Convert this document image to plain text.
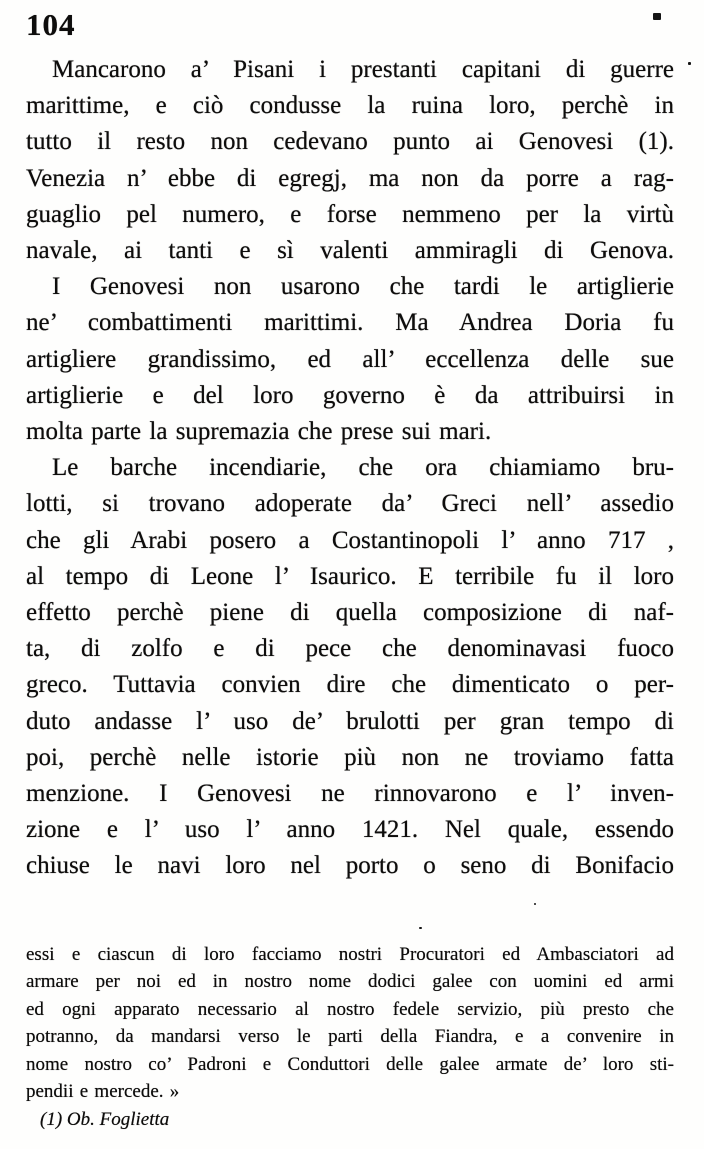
104
Mancarono a’ Pisani i prestanti capitani di guerre
marittime, e ciò condusse la ruina loro, perchè in
tutto il resto non cedevano punto ai Genovesi (1).
Venezia n’ ebbe di egregj, ma non da porre a rag-
guaglio pel numero, e forse nemmeno per la virtù
navale, ai tanti e sì valenti ammiragli di Genova.
I Genovesi non usarono che tardi le artiglierie
ne’ combattimenti marittimi. Ma Andrea Doria fu
artigliere grandissimo, ed all’ eccellenza delle sue
artiglierie e del loro governo è da attribuirsi in
molta parte la supremazia che prese sui mari.
Le barche incendiarie, che ora chiamiamo bru-
lotti, si trovano adoperate da’ Greci nell’ assedio
che gli Arabi posero a Costantinopoli l’ anno 717 ,
al tempo di Leone l’ Isaurico. E terribile fu il loro
effetto perchè piene di quella composizione di naf-
ta, di zolfo e di pece che denominavasi fuoco
greco. Tuttavia convien dire che dimenticato o per-
duto andasse l’ uso de’ brulotti per gran tempo di
poi, perchè nelle istorie più non ne troviamo fatta
menzione. I Genovesi ne rinnovarono e l’ inven-
zione e l’ uso l’ anno 1421. Nel quale, essendo
chiuse le navi loro nel porto o seno di Bonifacio
essi e ciascun di loro facciamo nostri Procuratori ed Ambasciatori ad
armare per noi ed in nostro nome dodici galee con uomini ed armi
ed ogni apparato necessario al nostro fedele servizio, più presto che
potranno, da mandarsi verso le parti della Fiandra, e a convenire in
nome nostro co’ Padroni e Conduttori delle galee armate de’ loro sti-
pendii e mercede. »
(1) Ob. Foglietta
